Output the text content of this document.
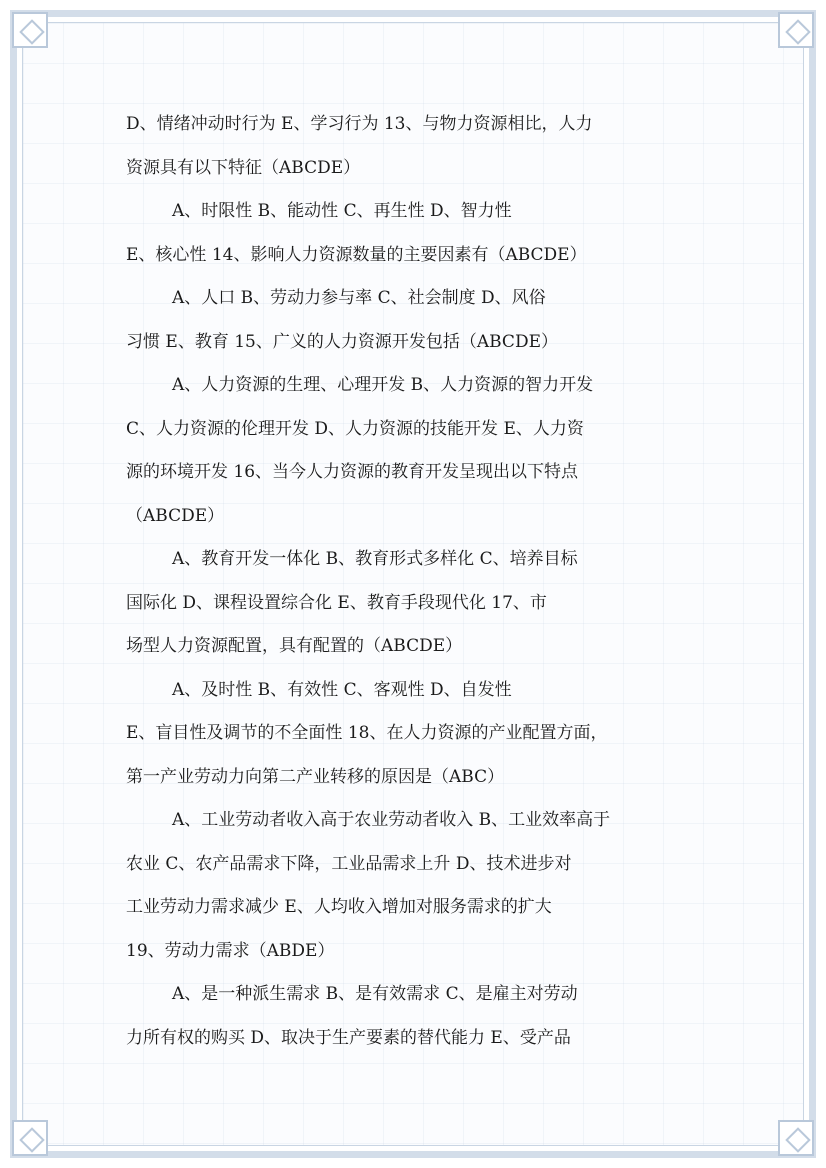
D、情绪冲动时行为 E、学习行为 13、与物力资源相比，人力
资源具有以下特征（ABCDE）
A、时限性 B、能动性 C、再生性 D、智力性
E、核心性 14、影响人力资源数量的主要因素有（ABCDE）
A、人口 B、劳动力参与率 C、社会制度 D、风俗
习惯 E、教育 15、广义的人力资源开发包括（ABCDE）
A、人力资源的生理、心理开发 B、人力资源的智力开发
C、人力资源的伦理开发 D、人力资源的技能开发 E、人力资
源的环境开发 16、当今人力资源的教育开发呈现出以下特点
（ABCDE）
A、教育开发一体化 B、教育形式多样化 C、培养目标
国际化 D、课程设置综合化 E、教育手段现代化 17、市
场型人力资源配置，具有配置的（ABCDE）
A、及时性 B、有效性 C、客观性 D、自发性
E、盲目性及调节的不全面性 18、在人力资源的产业配置方面，
第一产业劳动力向第二产业转移的原因是（ABC）
A、工业劳动者收入高于农业劳动者收入 B、工业效率高于
农业 C、农产品需求下降，工业品需求上升 D、技术进步对
工业劳动力需求减少 E、人均收入增加对服务需求的扩大
19、劳动力需求（ABDE）
A、是一种派生需求 B、是有效需求 C、是雇主对劳动
力所有权的购买 D、取决于生产要素的替代能力 E、受产品
